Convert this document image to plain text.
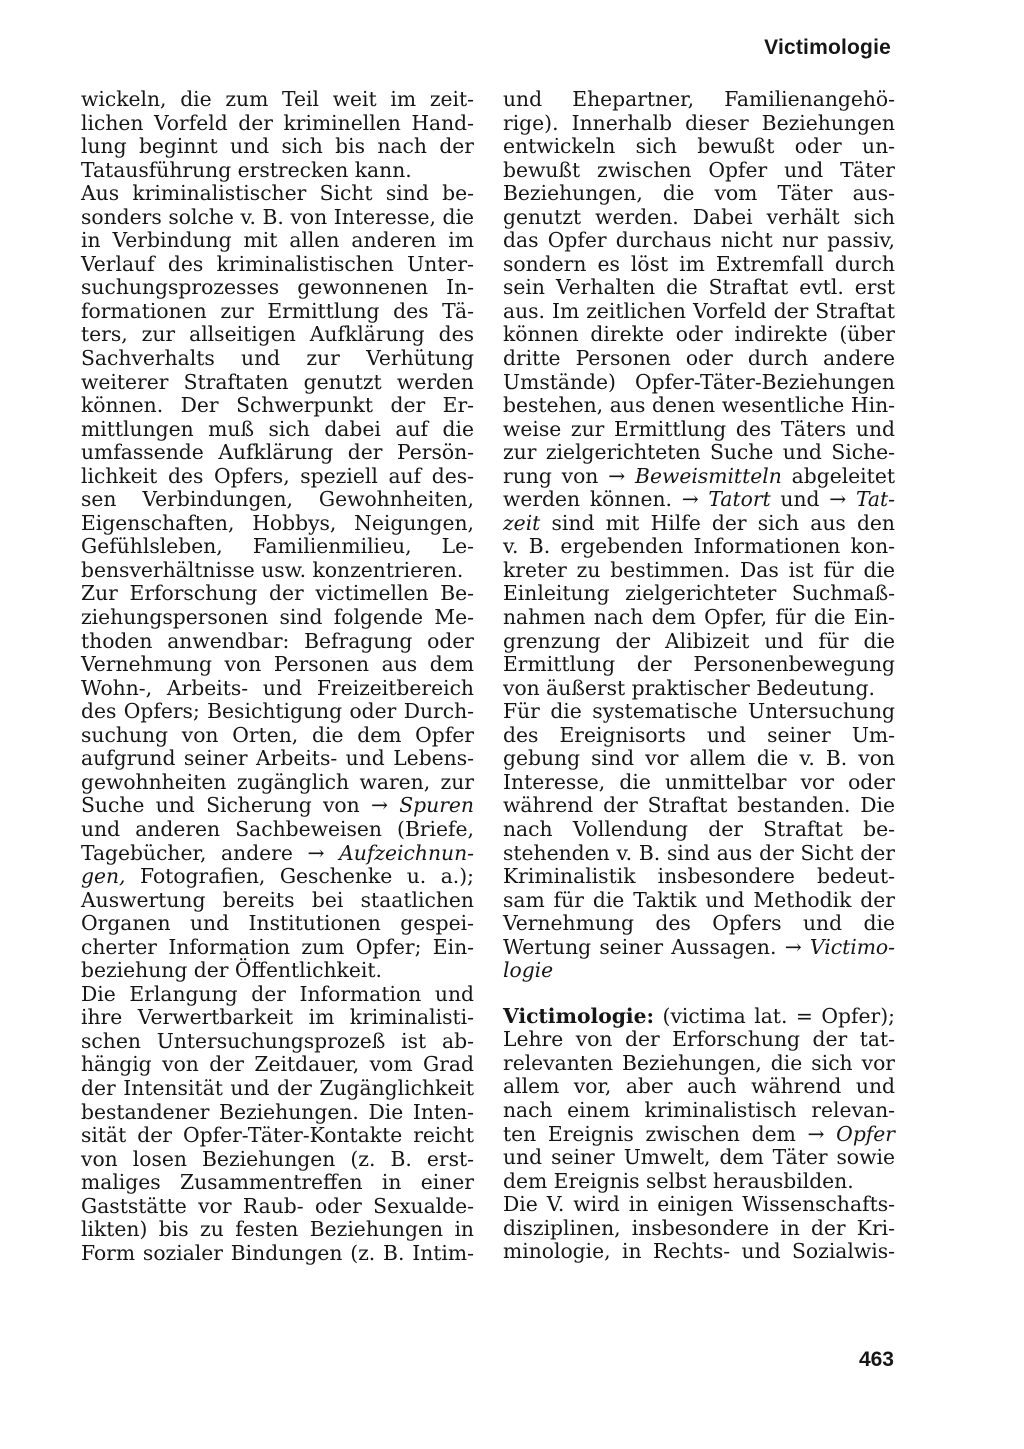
Victimologie
wickeln, die zum Teil weit im zeit-
lichen Vorfeld der kriminellen Hand-
lung beginnt und sich bis nach der
Tatausführung erstrecken kann.
Aus kriminalistischer Sicht sind be-
sonders solche v. B. von Interesse, die
in Verbindung mit allen anderen im
Verlauf des kriminalistischen Unter-
suchungsprozesses gewonnenen In-
formationen zur Ermittlung des Tä-
ters, zur allseitigen Aufklärung des
Sachverhalts und zur Verhütung
weiterer Straftaten genutzt werden
können. Der Schwerpunkt der Er-
mittlungen muß sich dabei auf die
umfassende Aufklärung der Persön-
lichkeit des Opfers, speziell auf des-
sen Verbindungen, Gewohnheiten,
Eigenschaften, Hobbys, Neigungen,
Gefühlsleben, Familienmilieu, Le-
bensverhältnisse usw. konzentrieren.
Zur Erforschung der victimellen Be-
ziehungspersonen sind folgende Me-
thoden anwendbar: Befragung oder
Vernehmung von Personen aus dem
Wohn-, Arbeits- und Freizeitbereich
des Opfers; Besichtigung oder Durch-
suchung von Orten, die dem Opfer
aufgrund seiner Arbeits- und Lebens-
gewohnheiten zugänglich waren, zur
Suche und Sicherung von → Spuren
und anderen Sachbeweisen (Briefe,
Tagebücher, andere → Aufzeichnun-
gen, Fotografien, Geschenke u. a.);
Auswertung bereits bei staatlichen
Organen und Institutionen gespei-
cherter Information zum Opfer; Ein-
beziehung der Öffentlichkeit.
Die Erlangung der Information und
ihre Verwertbarkeit im kriminalisti-
schen Untersuchungsprozeß ist ab-
hängig von der Zeitdauer, vom Grad
der Intensität und der Zugänglichkeit
bestandener Beziehungen. Die Inten-
sität der Opfer-Täter-Kontakte reicht
von losen Beziehungen (z. B. erst-
maliges Zusammentreffen in einer
Gaststätte vor Raub- oder Sexualde-
likten) bis zu festen Beziehungen in
Form sozialer Bindungen (z. B. Intim-
und Ehepartner, Familienangehö-
rige). Innerhalb dieser Beziehungen
entwickeln sich bewußt oder un-
bewußt zwischen Opfer und Täter
Beziehungen, die vom Täter aus-
genutzt werden. Dabei verhält sich
das Opfer durchaus nicht nur passiv,
sondern es löst im Extremfall durch
sein Verhalten die Straftat evtl. erst
aus. Im zeitlichen Vorfeld der Straftat
können direkte oder indirekte (über
dritte Personen oder durch andere
Umstände) Opfer-Täter-Beziehungen
bestehen, aus denen wesentliche Hin-
weise zur Ermittlung des Täters und
zur zielgerichteten Suche und Siche-
rung von → Beweismitteln abgeleitet
werden können. → Tatort und → Tat-
zeit sind mit Hilfe der sich aus den
v. B. ergebenden Informationen kon-
kreter zu bestimmen. Das ist für die
Einleitung zielgerichteter Suchmaß-
nahmen nach dem Opfer, für die Ein-
grenzung der Alibizeit und für die
Ermittlung der Personenbewegung
von äußerst praktischer Bedeutung.
Für die systematische Untersuchung
des Ereignisorts und seiner Um-
gebung sind vor allem die v. B. von
Interesse, die unmittelbar vor oder
während der Straftat bestanden. Die
nach Vollendung der Straftat be-
stehenden v. B. sind aus der Sicht der
Kriminalistik insbesondere bedeut-
sam für die Taktik und Methodik der
Vernehmung des Opfers und die
Wertung seiner Aussagen. → Victimo-
logie
Victimologie: (victima lat. = Opfer);
Lehre von der Erforschung der tat-
relevanten Beziehungen, die sich vor
allem vor, aber auch während und
nach einem kriminalistisch relevan-
ten Ereignis zwischen dem → Opfer
und seiner Umwelt, dem Täter sowie
dem Ereignis selbst herausbilden.
Die V. wird in einigen Wissenschafts-
disziplinen, insbesondere in der Kri-
minologie, in Rechts- und Sozialwis-
463
